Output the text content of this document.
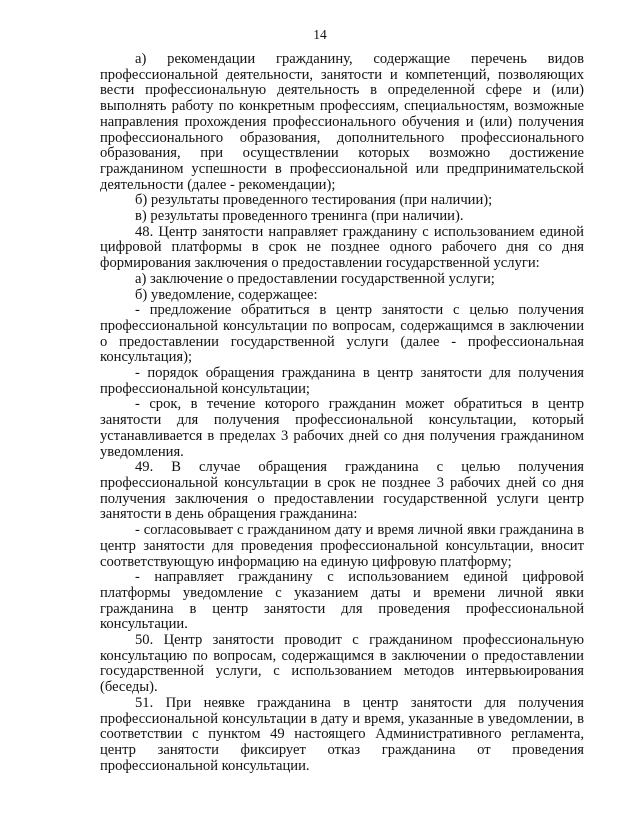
14

а) рекомендации гражданину, содержащие перечень видов профессиональной деятельности, занятости и компетенций, позволяющих вести профессиональную деятельность в определенной сфере и (или) выполнять работу по конкретным профессиям, специальностям, возможные направления прохождения профессионального обучения и (или) получения профессионального образования, дополнительного профессионального образования, при осуществлении которых возможно достижение гражданином успешности в профессиональной или предпринимательской деятельности (далее - рекомендации);

б) результаты проведенного тестирования (при наличии);

в) результаты проведенного тренинга (при наличии).

48. Центр занятости направляет гражданину с использованием единой цифровой платформы в срок не позднее одного рабочего дня со дня формирования заключения о предоставлении государственной услуги:

а) заключение о предоставлении государственной услуги;

б) уведомление, содержащее:

- предложение обратиться в центр занятости с целью получения профессиональной консультации по вопросам, содержащимся в заключении о предоставлении государственной услуги (далее - профессиональная консультация);

- порядок обращения гражданина в центр занятости для получения профессиональной консультации;

- срок, в течение которого гражданин может обратиться в центр занятости для получения профессиональной консультации, который устанавливается в пределах 3 рабочих дней со дня получения гражданином уведомления.

49. В случае обращения гражданина с целью получения профессиональной консультации в срок не позднее 3 рабочих дней со дня получения заключения о предоставлении государственной услуги центр занятости в день обращения гражданина:

- согласовывает с гражданином дату и время личной явки гражданина в центр занятости для проведения профессиональной консультации, вносит соответствующую информацию на единую цифровую платформу;

- направляет гражданину с использованием единой цифровой платформы уведомление с указанием даты и времени личной явки гражданина в центр занятости для проведения профессиональной консультации.

50. Центр занятости проводит с гражданином профессиональную консультацию по вопросам, содержащимся в заключении о предоставлении государственной услуги, с использованием методов интервьюирования (беседы).

51. При неявке гражданина в центр занятости для получения профессиональной консультации в дату и время, указанные в уведомлении, в соответствии с пунктом 49 настоящего Административного регламента, центр занятости фиксирует отказ гражданина от проведения профессиональной консультации.
